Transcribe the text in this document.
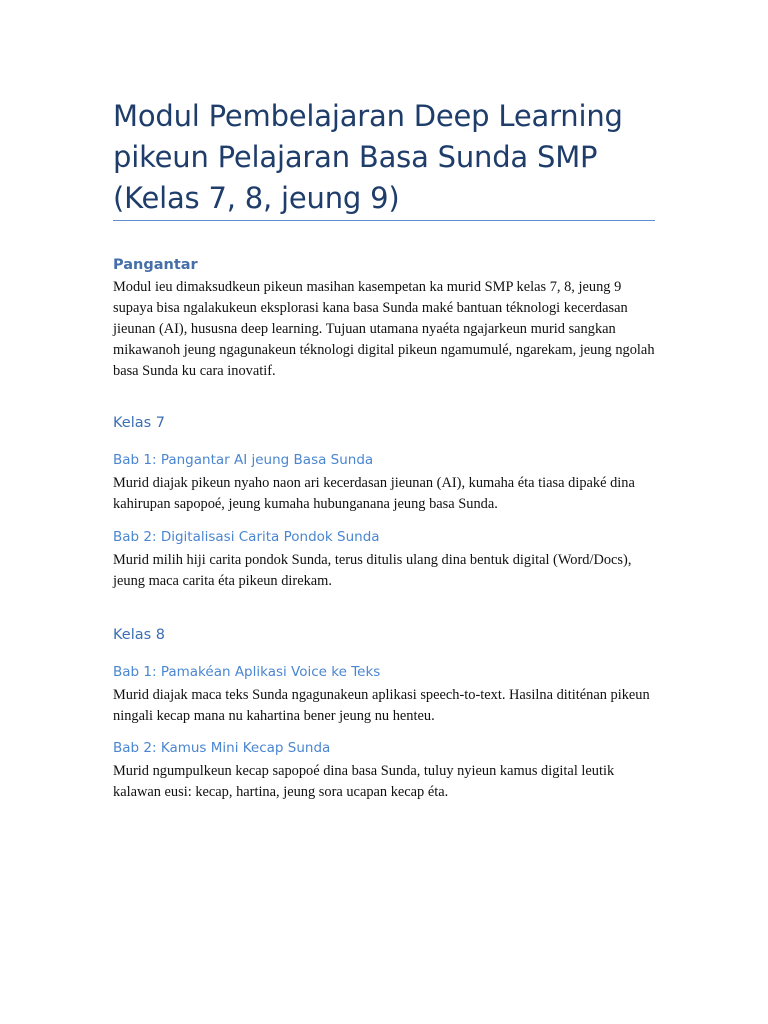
Modul Pembelajaran Deep Learning pikeun Pelajaran Basa Sunda SMP (Kelas 7, 8, jeung 9)
Pangantar

Modul ieu dimaksudkeun pikeun masihan kasempetan ka murid SMP kelas 7, 8, jeung 9 supaya bisa ngalakukeun eksplorasi kana basa Sunda maké bantuan téknologi kecerdasan jieunan (AI), hususna deep learning. Tujuan utamana nyaéta ngajarkeun murid sangkan mikawanoh jeung ngagunakeun téknologi digital pikeun ngamumulé, ngarekam, jeung ngolah basa Sunda ku cara inovatif.

Kelas 7
Bab 1: Pangantar AI jeung Basa Sunda

Murid diajak pikeun nyaho naon ari kecerdasan jieunan (AI), kumaha éta tiasa dipaké dina kahirupan sapopoé, jeung kumaha hubunganana jeung basa Sunda.

Bab 2: Digitalisasi Carita Pondok Sunda

Murid milih hiji carita pondok Sunda, terus ditulis ulang dina bentuk digital (Word/Docs), jeung maca carita éta pikeun direkam.

Kelas 8
Bab 1: Pamakéan Aplikasi Voice ke Teks

Murid diajak maca teks Sunda ngagunakeun aplikasi speech-to-text. Hasilna dititénan pikeun ningali kecap mana nu kahartina bener jeung nu henteu.

Bab 2: Kamus Mini Kecap Sunda

Murid ngumpulkeun kecap sapopoé dina basa Sunda, tuluy nyieun kamus digital leutik kalawan eusi: kecap, hartina, jeung sora ucapan kecap éta.
